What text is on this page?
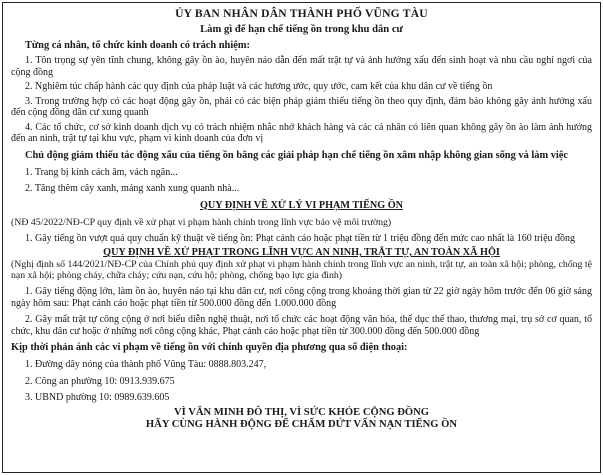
ỦY BAN NHÂN DÂN THÀNH PHỐ VŨNG TÀU
Làm gì để hạn chế tiếng ồn trong khu dân cư
Từng cá nhân, tổ chức kinh doanh có trách nhiệm:
1. Tôn trọng sự yên tĩnh chung, không gây ồn ào, huyên náo dẫn đến mất trật tự và ảnh hưởng xấu đến sinh hoạt và nhu cầu nghỉ ngơi của cộng đồng
2. Nghiêm túc chấp hành các quy định của pháp luật và các hương ước, quy ước, cam kết của khu dân cư về tiếng ồn
3. Trong trường hợp có các hoạt động gây ồn, phải có các biện pháp giảm thiểu tiếng ồn theo quy định, đảm bảo không gây ảnh hưởng xấu đến cộng đồng dân cư xung quanh
4. Các tổ chức, cơ sở kinh doanh dịch vụ có trách nhiệm nhắc nhở khách hàng và các cá nhân có liên quan không gây ồn ào làm ảnh hưởng đến an ninh, trật tự tại khu vực, phạm vi kinh doanh của đơn vị
Chủ động giảm thiểu tác động xấu của tiếng ồn bằng các giải pháp hạn chế tiếng ồn xâm nhập không gian sống và làm việc
1. Trang bị kính cách âm, vách ngăn...
2. Tăng thêm cây xanh, mảng xanh xung quanh nhà...
QUY ĐỊNH VỀ XỬ LÝ VI PHẠM TIẾNG ỒN
(NĐ 45/2022/NĐ-CP quy định về xử phạt vi phạm hành chính trong lĩnh vực bảo vệ môi trường)
1. Gây tiếng ồn vượt quá quy chuẩn kỹ thuật về tiếng ồn: Phạt cảnh cáo hoặc phạt tiền từ 1 triệu đồng đến mức cao nhất là 160 triệu đồng
QUY ĐỊNH VỀ XỬ PHẠT TRONG LĨNH VỰC AN NINH, TRẬT TỰ, AN TOÀN XÃ HỘI
(Nghị định số 144/2021/NĐ-CP của Chính phủ quy định xử phạt vi phạm hành chính trong lĩnh vực an ninh, trật tự, an toàn xã hội; phòng, chống tệ nạn xã hội; phòng cháy, chữa cháy; cứu nạn, cứu hộ; phòng, chống bạo lực gia đình)
1. Gây tiếng động lớn, làm ồn ào, huyên náo tại khu dân cư, nơi công cộng trong khoảng thời gian từ 22 giờ ngày hôm trước đến 06 giờ sáng ngày hôm sau: Phạt cảnh cáo hoặc phạt tiền từ 500.000 đồng đến 1.000.000 đồng
2. Gây mất trật tự công cộng ở nơi biểu diễn nghệ thuật, nơi tổ chức các hoạt động văn hóa, thể dục thể thao, thương mại, trụ sở cơ quan, tổ chức, khu dân cư hoặc ở những nơi công cộng khác, Phạt cảnh cáo hoặc phạt tiền từ 300.000 đồng đến 500.000 đồng
Kịp thời phản ánh các vi phạm về tiếng ồn với chính quyền địa phương qua số điện thoại:
1. Đường dây nóng của thành phố Vũng Tàu: 0888.803.247,
2. Công an phường 10: 0913.939.675
3. UBND phường 10: 0989.639.605
VÌ VĂN MINH ĐÔ THỊ, VÌ SỨC KHỎE CỘNG ĐỒNG
HÃY CÙNG HÀNH ĐỘNG ĐỂ CHẤM DỨT VẤN NẠN TIẾNG ỒN
